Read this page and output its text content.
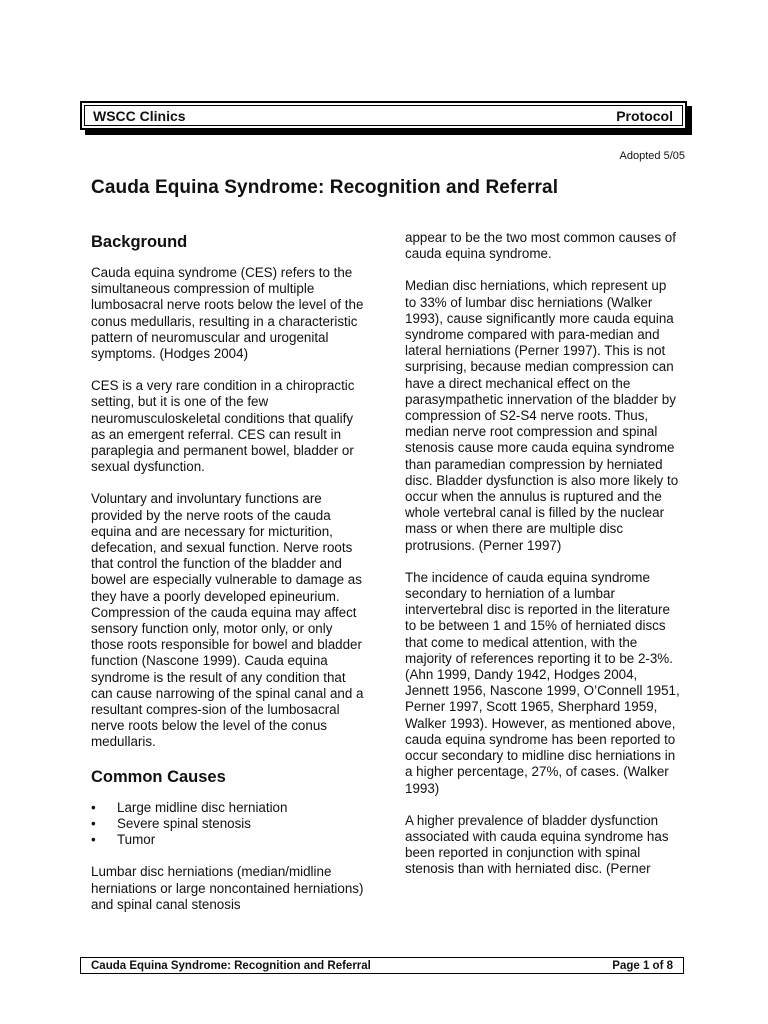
WSCC Clinics	Protocol
Adopted 5/05
Cauda Equina Syndrome: Recognition and Referral
Background

Cauda equina syndrome (CES) refers to the simultaneous compression of multiple lumbosacral nerve roots below the level of the conus medullaris, resulting in a characteristic pattern of neuromuscular and urogenital symptoms. (Hodges 2004)

CES is a very rare condition in a chiropractic setting, but it is one of the few neuromusculoskeletal conditions that qualify as an emergent referral. CES can result in paraplegia and permanent bowel, bladder or sexual dysfunction.

Voluntary and involuntary functions are provided by the nerve roots of the cauda equina and are necessary for micturition, defecation, and sexual function. Nerve roots that control the function of the bladder and bowel are especially vulnerable to damage as they have a poorly developed epineurium. Compression of the cauda equina may affect sensory function only, motor only, or only those roots responsible for bowel and bladder function (Nascone 1999). Cauda equina syndrome is the result of any condition that can cause narrowing of the spinal canal and a resultant compres-sion of the lumbosacral nerve roots below the level of the conus medullaris.

Common Causes
• Large midline disc herniation
• Severe spinal stenosis
• Tumor

Lumbar disc herniations (median/midline herniations or large noncontained herniations) and spinal canal stenosis

appear to be the two most common causes of cauda equina syndrome.

Median disc herniations, which represent up to 33% of lumbar disc herniations (Walker 1993), cause significantly more cauda equina syndrome compared with para-median and lateral herniations (Perner 1997). This is not surprising, because median compression can have a direct mechanical effect on the parasympathetic innervation of the bladder by compression of S2-S4 nerve roots. Thus, median nerve root compression and spinal stenosis cause more cauda equina syndrome than paramedian compression by herniated disc. Bladder dysfunction is also more likely to occur when the annulus is ruptured and the whole vertebral canal is filled by the nuclear mass or when there are multiple disc protrusions. (Perner 1997)

The incidence of cauda equina syndrome secondary to herniation of a lumbar intervertebral disc is reported in the literature to be between 1 and 15% of herniated discs that come to medical attention, with the majority of references reporting it to be 2-3%. (Ahn 1999, Dandy 1942, Hodges 2004, Jennett 1956, Nascone 1999, O’Connell 1951, Perner 1997, Scott 1965, Sherphard 1959, Walker 1993). However, as mentioned above, cauda equina syndrome has been reported to occur secondary to midline disc herniations in a higher percentage, 27%, of cases. (Walker 1993)

A higher prevalence of bladder dysfunction associated with cauda equina syndrome has been reported in conjunction with spinal stenosis than with herniated disc. (Perner

Cauda Equina Syndrome: Recognition and Referral	Page 1 of 8
